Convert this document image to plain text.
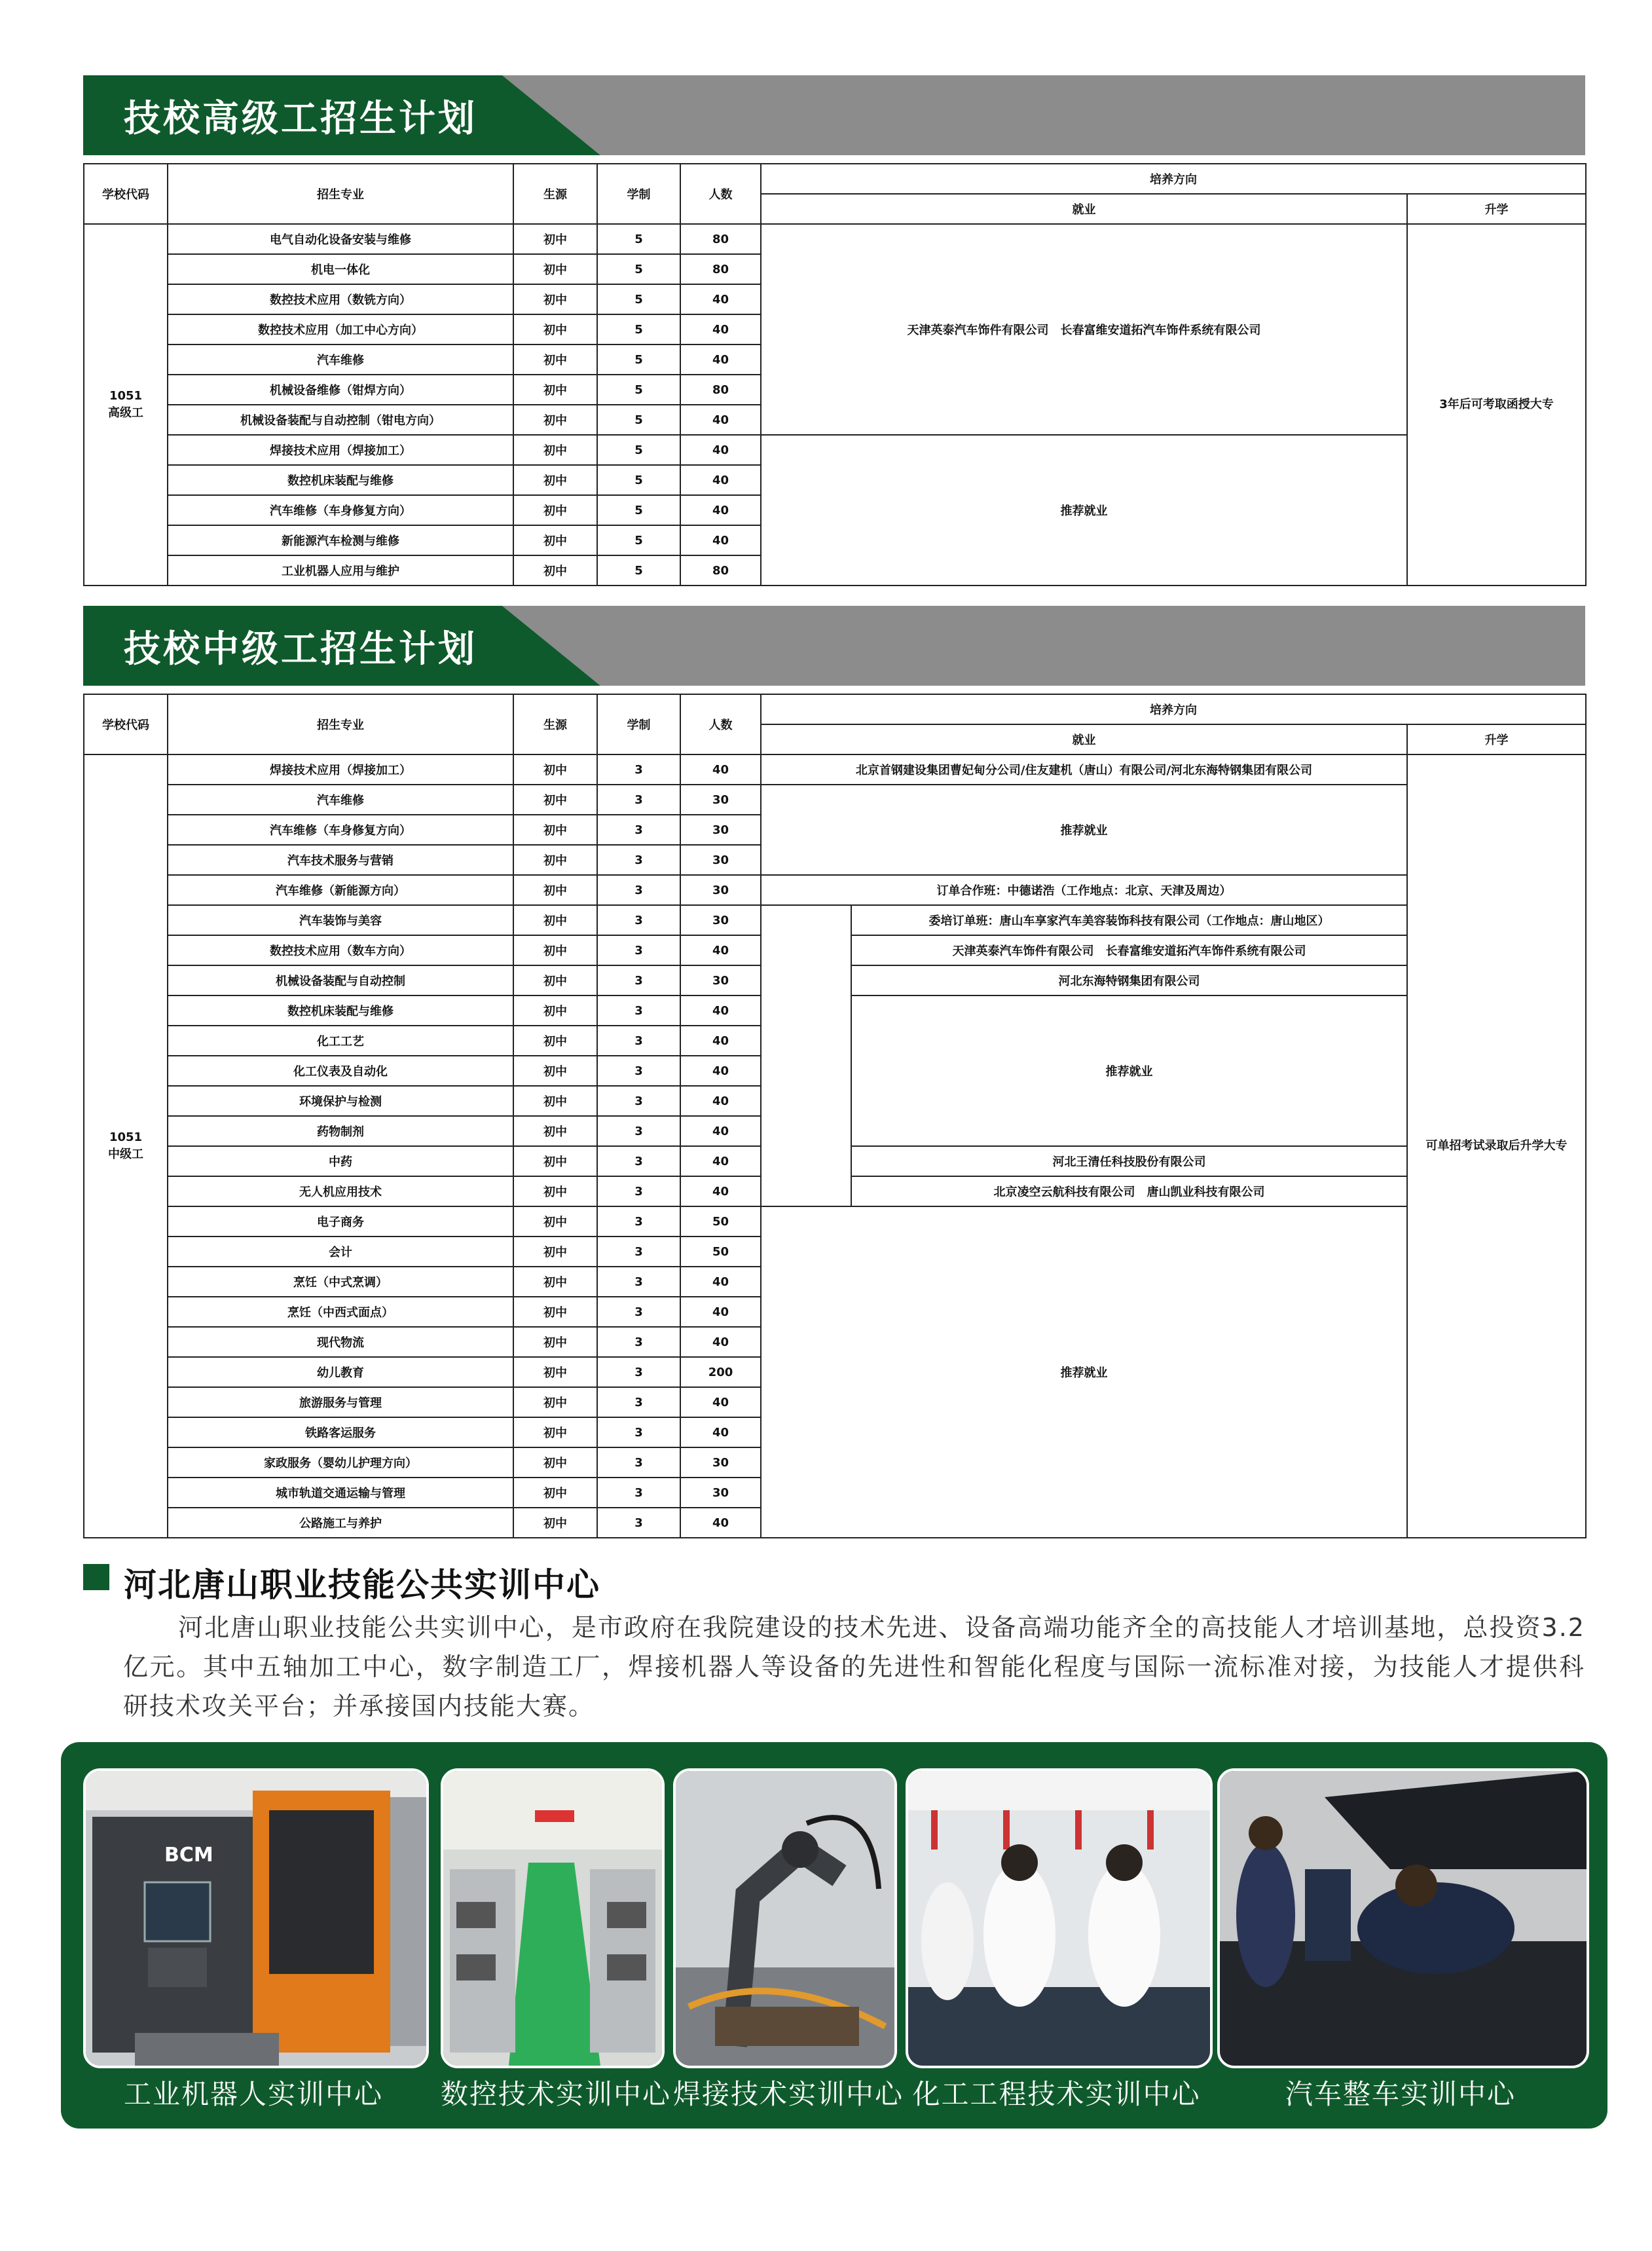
技校高级工招生计划
学校代码	招生专业	生源	学制	人数	培养方向	
					就业	升学

1051
高级工	电气自动化设备安装与维修	初中	5	80	天津英泰汽车饰件有限公司　长春富维安道拓汽车饰件系统有限公司	3年后可考取函授大专
	机电一体化	初中	5	80		
	数控技术应用（数铣方向）	初中	5	40		
	数控技术应用（加工中心方向）	初中	5	40		
	汽车维修	初中	5	40		
	机械设备维修（钳焊方向）	初中	5	80		
	机械设备装配与自动控制（钳电方向）	初中	5	40		
	焊接技术应用（焊接加工）	初中	5	40	推荐就业	
	数控机床装配与维修	初中	5	40		
	汽车维修（车身修复方向）	初中	5	40		
	新能源汽车检测与维修	初中	5	40		
	工业机器人应用与维护	初中	5	80		
技校中级工招生计划
学校代码	招生专业	生源	学制	人数	培养方向		
					就业		升学

1051
中级工	焊接技术应用（焊接加工）	初中	3	40	北京首钢建设集团曹妃甸分公司/住友建机（唐山）有限公司/河北东海特钢集团有限公司		可单招考试录取后升学大专
	汽车维修	初中	3	30	推荐就业		
	汽车维修（车身修复方向）	初中	3	30			
	汽车技术服务与营销	初中	3	30			
	汽车维修（新能源方向）	初中	3	30	订单合作班：中德诺浩（工作地点：北京、天津及周边）		
	汽车装饰与美容	初中	3	30		委培订单班：唐山车享家汽车美容装饰科技有限公司（工作地点：唐山地区）	
	数控技术应用（数车方向）	初中	3	40		天津英泰汽车饰件有限公司　长春富维安道拓汽车饰件系统有限公司	
	机械设备装配与自动控制	初中	3	30		河北东海特钢集团有限公司	
	数控机床装配与维修	初中	3	40		推荐就业	
	化工工艺	初中	3	40			
	化工仪表及自动化	初中	3	40			
	环境保护与检测	初中	3	40			
	药物制剂	初中	3	40			
	中药	初中	3	40		河北王清任科技股份有限公司	
	无人机应用技术	初中	3	40		北京凌空云航科技有限公司　唐山凯业科技有限公司	
	电子商务	初中	3	50	推荐就业		
	会计	初中	3	50			
	烹饪（中式烹调）	初中	3	40			
	烹饪（中西式面点）	初中	3	40			
	现代物流	初中	3	40			
	幼儿教育	初中	3	200			
	旅游服务与管理	初中	3	40			
	铁路客运服务	初中	3	40			
	家政服务（婴幼儿护理方向）	初中	3	30			
	城市轨道交通运输与管理	初中	3	30			
	公路施工与养护	初中	3	40			
河北唐山职业技能公共实训中心
河北唐山职业技能公共实训中心，是市政府在我院建设的技术先进、设备高端功能齐全的高技能人才培训基地，总投资3.2亿元。其中五轴加工中心，数字制造工厂，焊接机器人等设备的先进性和智能化程度与国际一流标准对接，为技能人才提供科研技术攻关平台；并承接国内技能大赛。
BCM
工业机器人实训中心	数控技术实训中心 焊接技术实训中心 化工工程技术实训中心	汽车整车实训中心
